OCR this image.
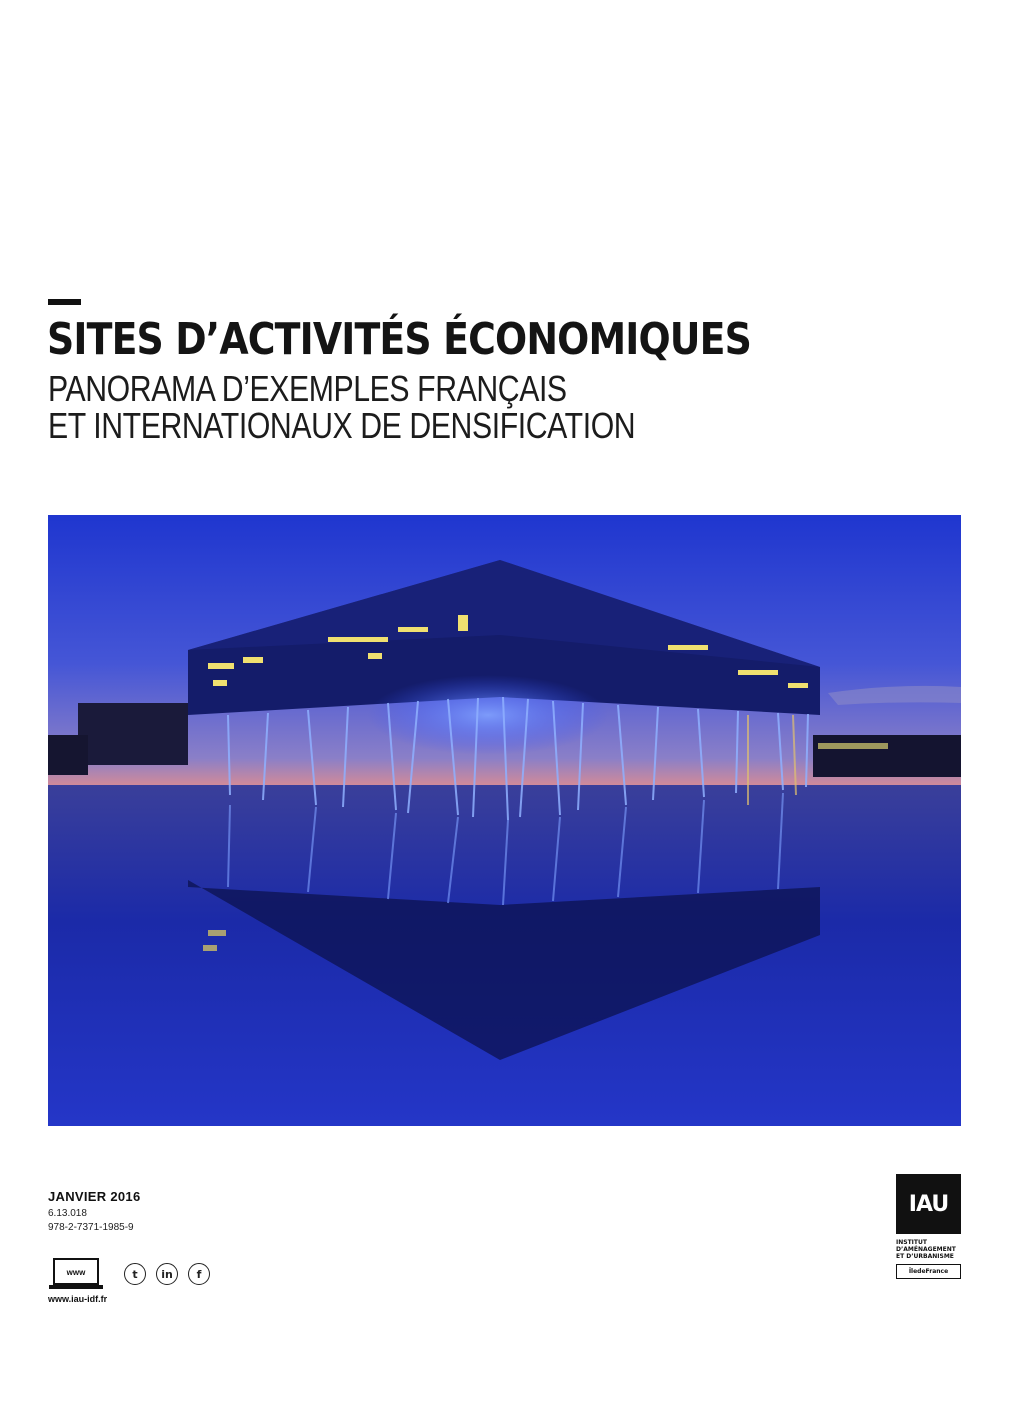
SITES D’ACTIVITÉS ÉCONOMIQUES
PANORAMA D’EXEMPLES FRANÇAIS
ET INTERNATIONAUX DE DENSIFICATION
JANVIER 2016
6.13.018
978-2-7371-1985-9
www	t	in	f
www.iau-idf.fr
IAU
INSTITUT
D’AMÉNAGEMENT
ET D’URBANISME
ÎledeFrance
